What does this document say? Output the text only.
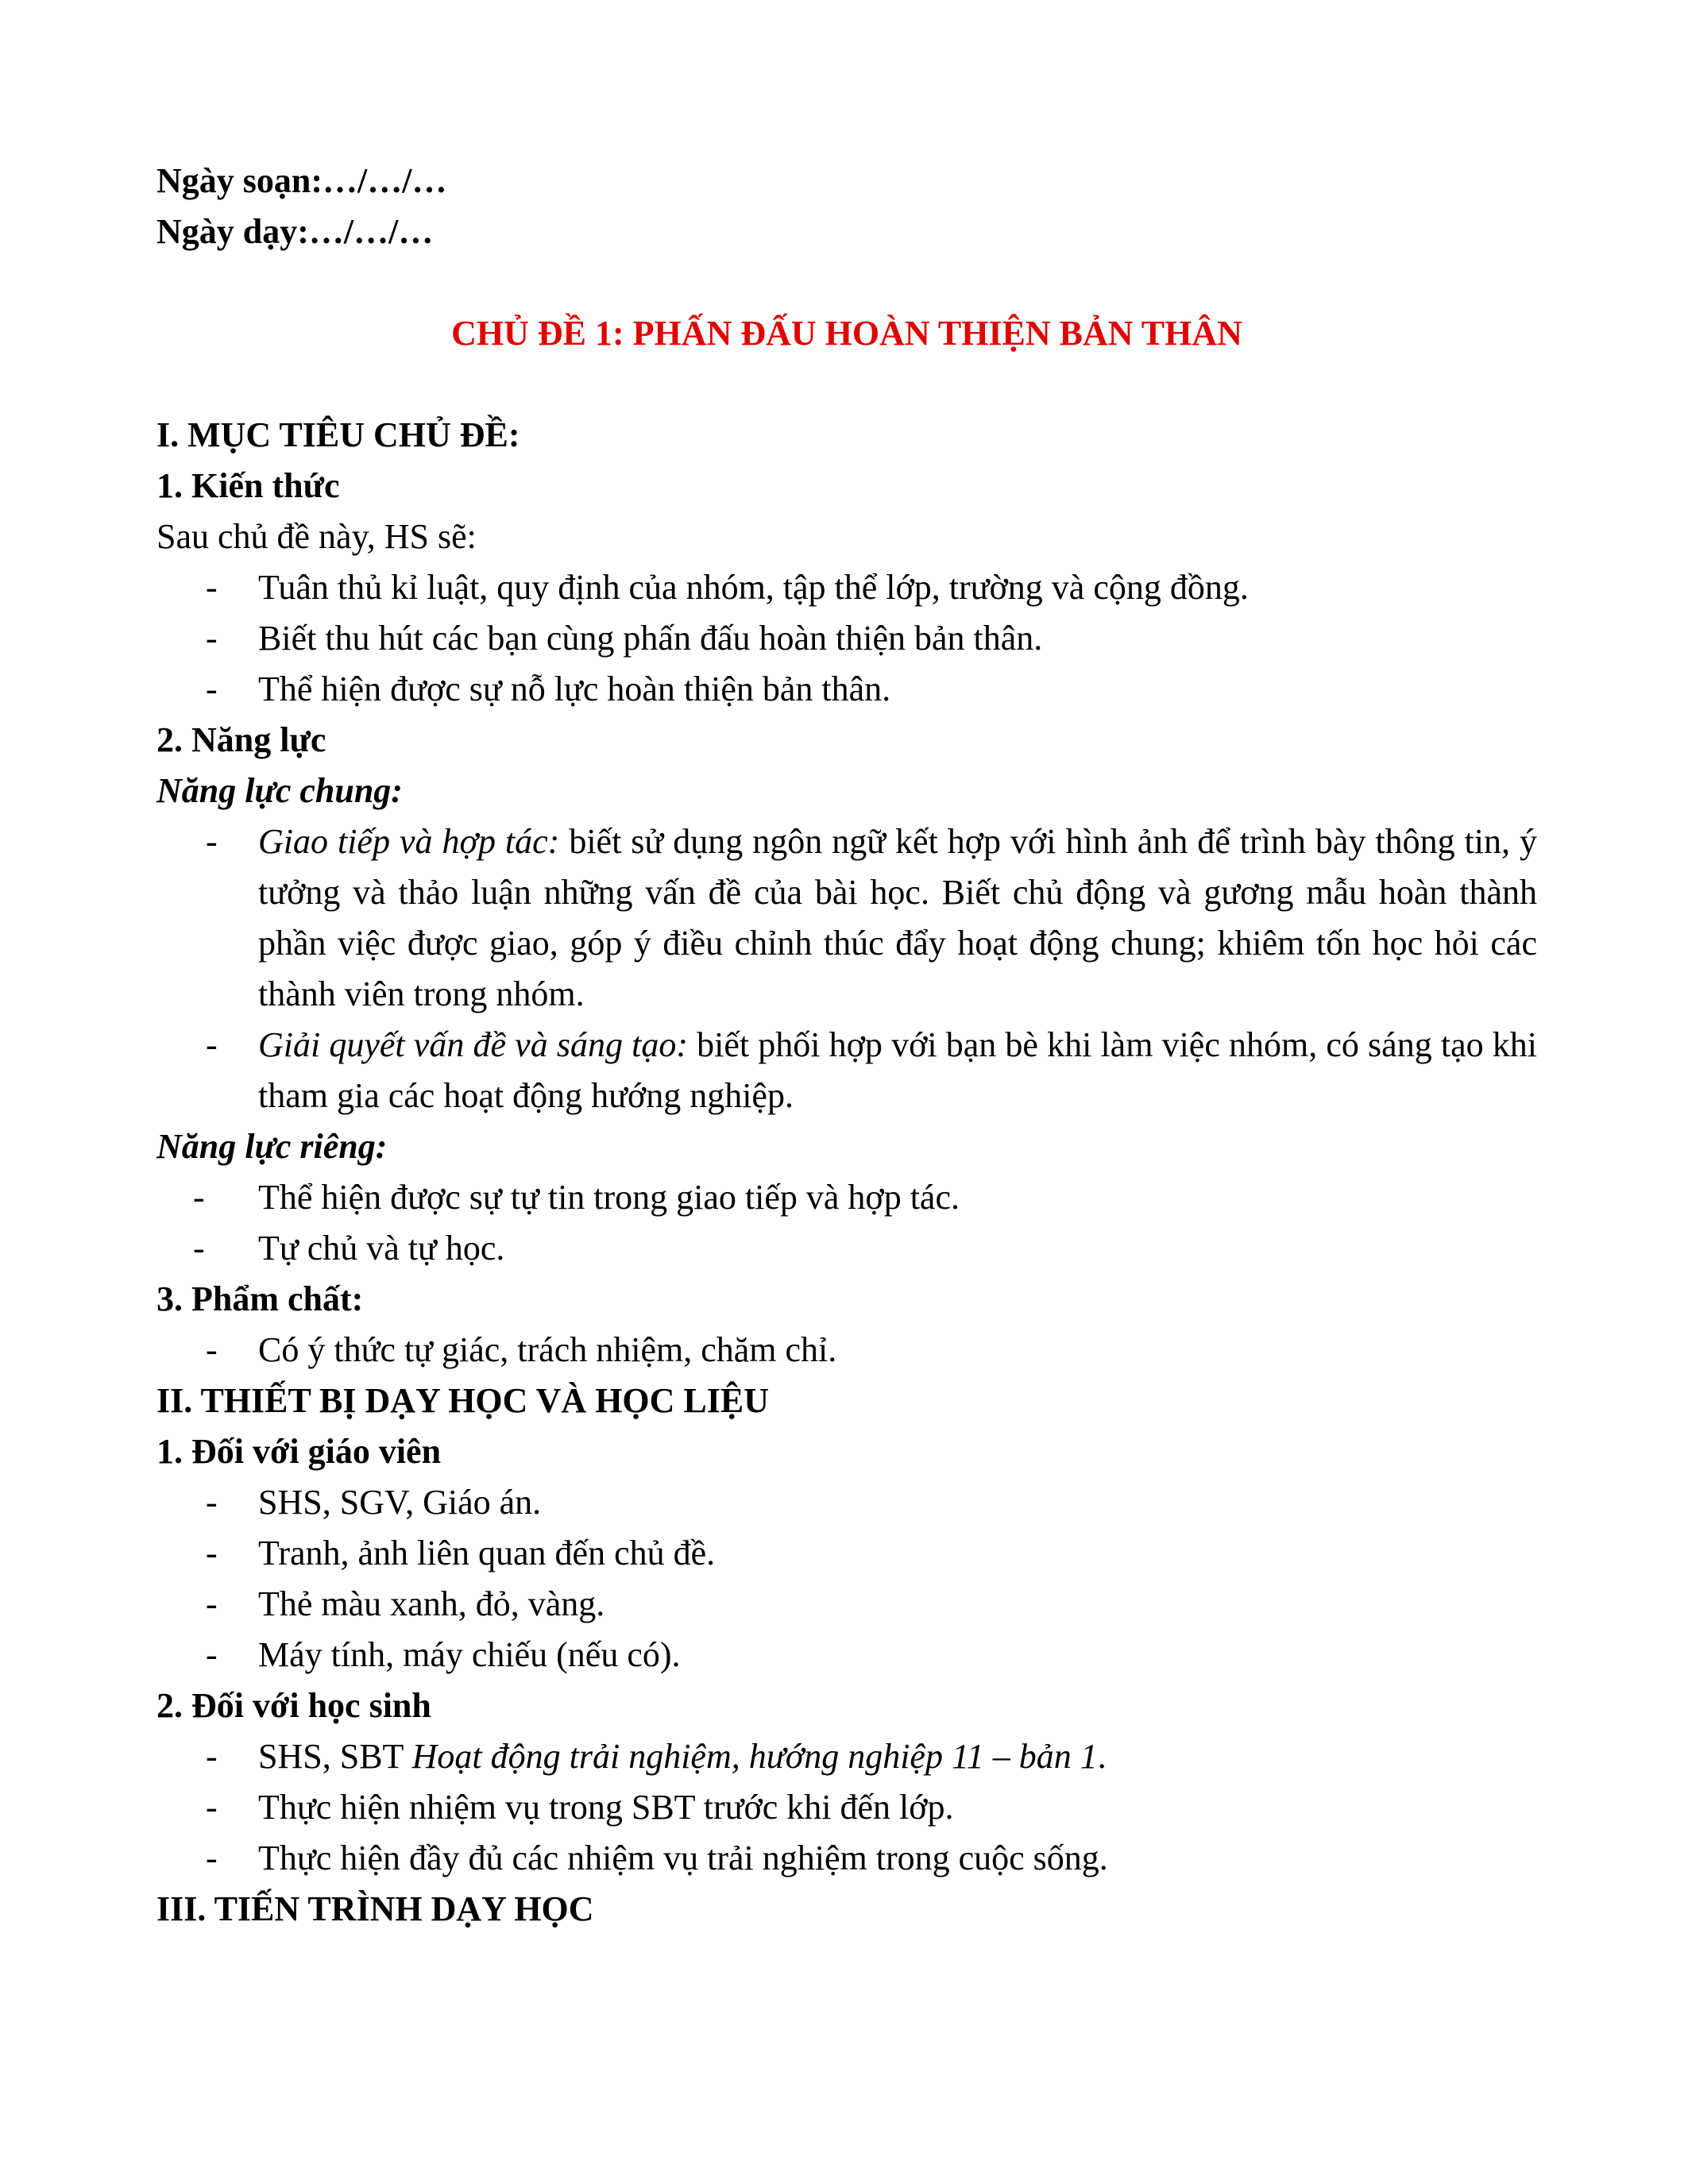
Ngày soạn:…/…/…
Ngày dạy:…/…/…
CHỦ ĐỀ 1: PHẤN ĐẤU HOÀN THIỆN BẢN THÂN
I. MỤC TIÊU CHỦ ĐỀ:
1. Kiến thức
Sau chủ đề này, HS sẽ:
- Tuân thủ kỉ luật, quy định của nhóm, tập thể lớp, trường và cộng đồng.
- Biết thu hút các bạn cùng phấn đấu hoàn thiện bản thân.
- Thể hiện được sự nỗ lực hoàn thiện bản thân.
2. Năng lực
Năng lực chung:
- Giao tiếp và hợp tác: biết sử dụng ngôn ngữ kết hợp với hình ảnh để trình bày thông tin, ý tưởng và thảo luận những vấn đề của bài học. Biết chủ động và gương mẫu hoàn thành phần việc được giao, góp ý điều chỉnh thúc đẩy hoạt động chung; khiêm tốn học hỏi các thành viên trong nhóm.
- Giải quyết vấn đề và sáng tạo: biết phối hợp với bạn bè khi làm việc nhóm, có sáng tạo khi tham gia các hoạt động hướng nghiệp.
Năng lực riêng:
- Thể hiện được sự tự tin trong giao tiếp và hợp tác.
- Tự chủ và tự học.
3. Phẩm chất:
- Có ý thức tự giác, trách nhiệm, chăm chỉ.
II. THIẾT BỊ DẠY HỌC VÀ HỌC LIỆU
1. Đối với giáo viên
- SHS, SGV, Giáo án.
- Tranh, ảnh liên quan đến chủ đề.
- Thẻ màu xanh, đỏ, vàng.
- Máy tính, máy chiếu (nếu có).
2. Đối với học sinh
- SHS, SBT Hoạt động trải nghiệm, hướng nghiệp 11 – bản 1.
- Thực hiện nhiệm vụ trong SBT trước khi đến lớp.
- Thực hiện đầy đủ các nhiệm vụ trải nghiệm trong cuộc sống.
III. TIẾN TRÌNH DẠY HỌC
